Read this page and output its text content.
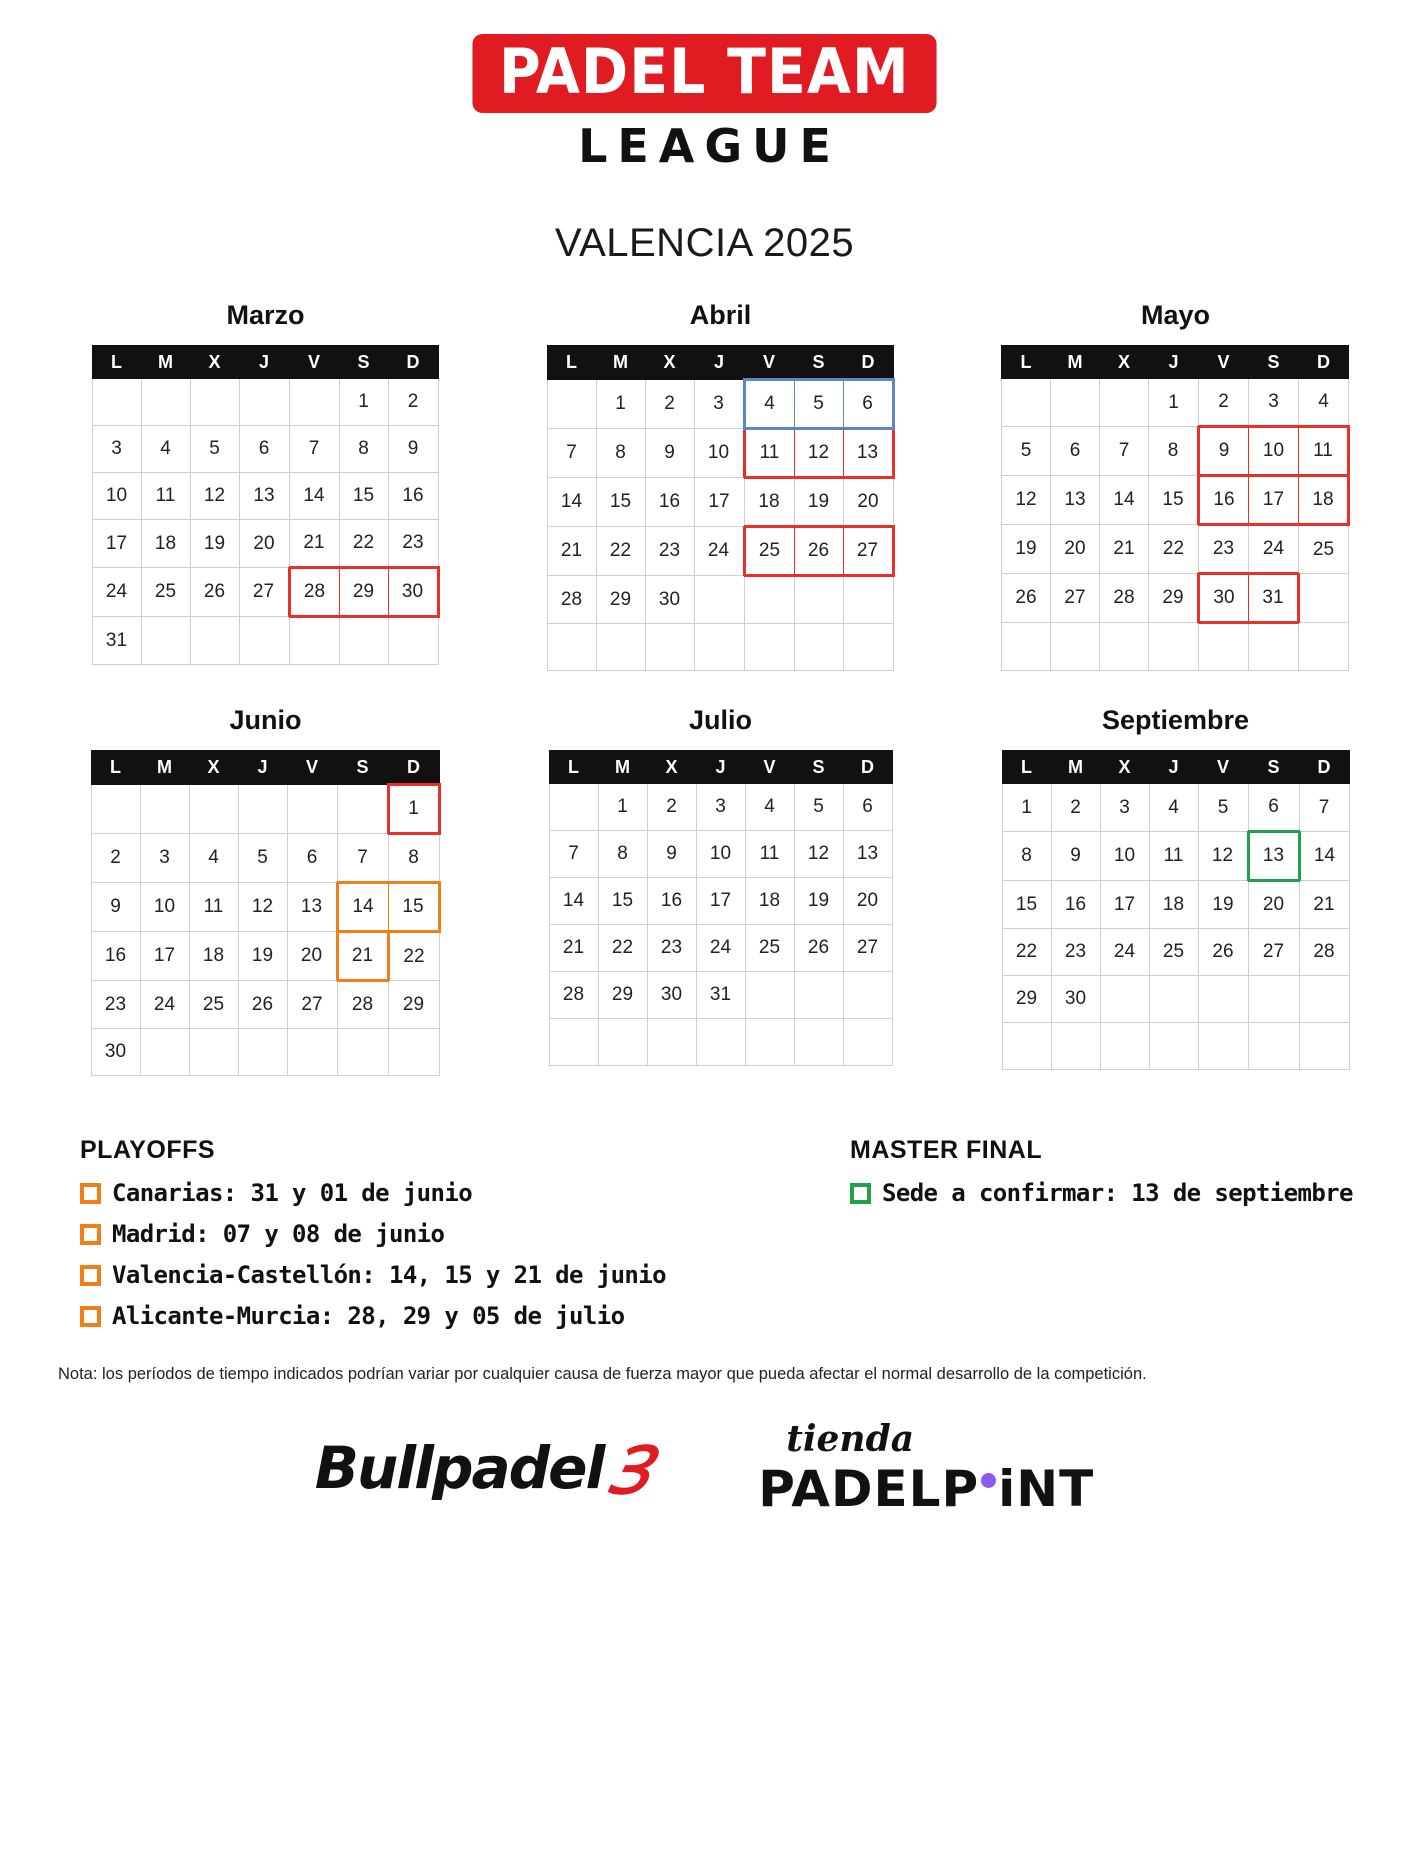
PADEL TEAM
LEAGUE
VALENCIA 2025
Marzo
L	M	X	J	V	S	D
					1	2
3	4	5	6	7	8	9
10	11	12	13	14	15	16
17	18	19	20	21	22	23
24	25	26	27	28	29	30
31						
Abril
L	M	X	J	V	S	D
	1	2	3	4	5	6
7	8	9	10	11	12	13
14	15	16	17	18	19	20
21	22	23	24	25	26	27
28	29	30				

Mayo
L	M	X	J	V	S	D
			1	2	3	4
5	6	7	8	9	10	11
12	13	14	15	16	17	18
19	20	21	22	23	24	25
26	27	28	29	30	31	

Junio
L	M	X	J	V	S	D
						1
2	3	4	5	6	7	8
9	10	11	12	13	14	15
16	17	18	19	20	21	22
23	24	25	26	27	28	29
30						
Julio
L	M	X	J	V	S	D
	1	2	3	4	5	6
7	8	9	10	11	12	13
14	15	16	17	18	19	20
21	22	23	24	25	26	27
28	29	30	31			

Septiembre
L	M	X	J	V	S	D
1	2	3	4	5	6	7
8	9	10	11	12	13	14
15	16	17	18	19	20	21
22	23	24	25	26	27	28
29	30					

PLAYOFFS
Canarias: 31 y 01 de junio
Madrid: 07 y 08 de junio
Valencia-Castellón: 14, 15 y 21 de junio
Alicante-Murcia: 28, 29 y 05 de julio
MASTER FINAL
Sede a confirmar: 13 de septiembre
Nota: los períodos de tiempo indicados podrían variar por cualquier causa de fuerza mayor que pueda afectar el normal desarrollo de la competición.
Bullpadel Ɜ	tienda
PADELP iNT
